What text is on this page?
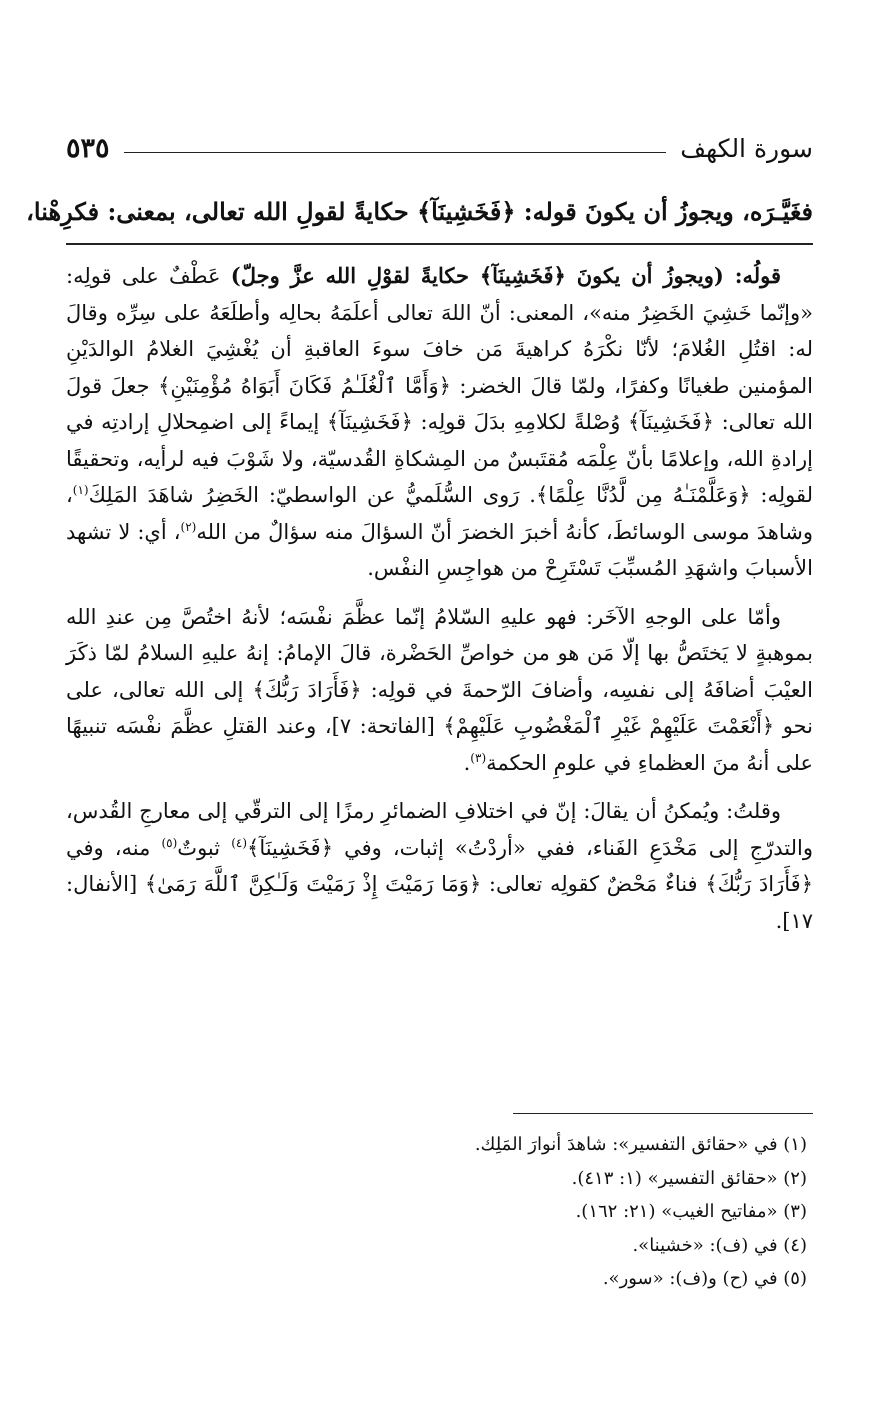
سورة الكهف
٥٣٥
فغَيَّـرَه، ويجوزُ أن يكونَ قوله: ﴿فَخَشِينَآ﴾ حكايةً لقولِ الله تعالى، بمعنى: فكرِهْنا،

قولُه: (ويجوزُ أن يكونَ ﴿فَخَشِينَآ﴾ حكايةً لقوْلِ الله عزَّ وجلّ) عَطْفٌ على قولِه: «وإنّما خَشِيَ الخَضِرُ منه»، المعنى: أنّ اللهَ تعالى أعلَمَهُ بحالِه وأطلَعَهُ على سِرِّه وقالَ له: اقتُلِ الغُلامَ؛ لأنّا نكْرَهُ كراهيةَ مَن خافَ سوءَ العاقبةِ أن يُغْشِيَ الغلامُ الوالدَيْنِ المؤمنين طغيانًا وكفرًا، ولمّا قالَ الخضر: ﴿وَأَمَّا ٱلْغُلَـٰمُ فَكَانَ أَبَوَاهُ مُؤْمِنَيْنِ﴾ جعلَ قولَ الله تعالى: ﴿فَخَشِينَآ﴾ وُصْلةً لكلامِهِ بدَلَ قولِه: ﴿فَخَشِينَآ﴾ إيماءً إلى اضمِحلالِ إرادتِه في إرادةِ الله، وإعلامًا بأنّ عِلْمَه مُقتَبسٌ من المِشكاةِ القُدسيّة، ولا شَوْبَ فيه لرأيه، وتحقيقًا لقولِه: ﴿وَعَلَّمْنَـٰهُ مِن لَّدُنَّا عِلْمًا﴾. رَوى السُّلَميُّ عن الواسطيّ: الخَضِرُ شاهَدَ المَلِكَ$^{(١)}$، وشاهدَ موسى الوسائطَ، كأنهُ أخبرَ الخضرَ أنّ السؤالَ منه سؤالٌ من الله$^{(٢)}$، أي: لا تشهد الأسبابَ واشهَدِ المُسبِّبَ تَسْتَرِحْ من هواجِسِ النفْس.

وأمّا على الوجهِ الآخَر: فهو عليهِ السّلامُ إنّما عظَّمَ نفْسَه؛ لأنهُ اختُصَّ مِن عندِ الله بموهبةٍ لا يَختَصُّ بها إلّا مَن هو من خواصِّ الحَضْرة، قالَ الإمامُ: إنهُ عليهِ السلامُ لمّا ذكَرَ العيْبَ أضافَهُ إلى نفسِه، وأضافَ الرّحمةَ في قولِه: ﴿فَأَرَادَ رَبُّكَ﴾ إلى الله تعالى، على نحو ﴿أَنْعَمْتَ عَلَيْهِمْ غَيْرِ ٱلْمَغْضُوبِ عَلَيْهِمْ﴾ [الفاتحة: ٧]، وعند القتلِ عظَّمَ نفْسَه تنبيهًا على أنهُ منَ العظماءِ في علومِ الحكمة$^{(٣)}$.

وقلتُ: ويُمكنُ أن يقالَ: إنّ في اختلافِ الضمائرِ رمزًا إلى الترقّي إلى معارجِ القُدس، والتدرّجِ إلى مَخْدَعِ الفَناء، ففي «أردْتُ» إثبات، وفي ﴿فَخَشِينَآ﴾$^{(٤)}$ ثبوتٌ$^{(٥)}$ منه، وفي ﴿فَأَرَادَ رَبُّكَ﴾ فناءٌ مَحْضٌ كقولِه تعالى: ﴿وَمَا رَمَيْتَ إِذْ رَمَيْتَ وَلَـٰكِنَّ ٱللَّهَ رَمَىٰ﴾ [الأنفال: ١٧].

(١) في «حقائق التفسير»: شاهدَ أنوارَ المَلِك.
(٢) «حقائق التفسير» (١: ٤١٣).
(٣) «مفاتيح الغيب» (٢١: ١٦٢).
(٤) في (ف): «خشينا».
(٥) في (ح) و(ف): «سور».
